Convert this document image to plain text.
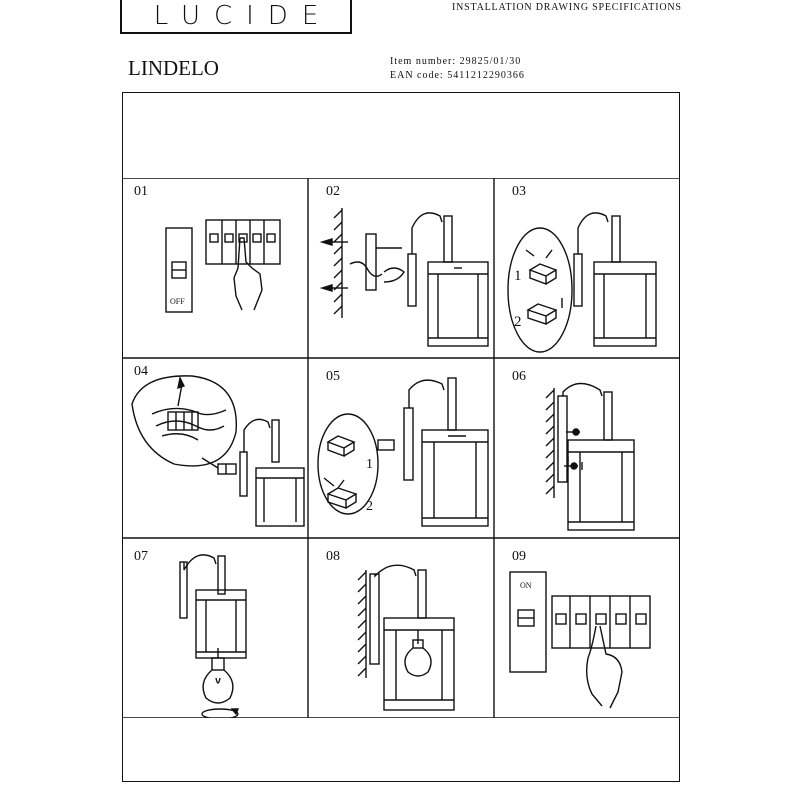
LUCIDE	INSTALLATION DRAWING SPECIFICATIONS
LINDELO	Item number: 29825/01/30
EAN code: 5411212290366
01
OFF
02	03
1
2
04	05
1
2
06
07	08	09
ON
